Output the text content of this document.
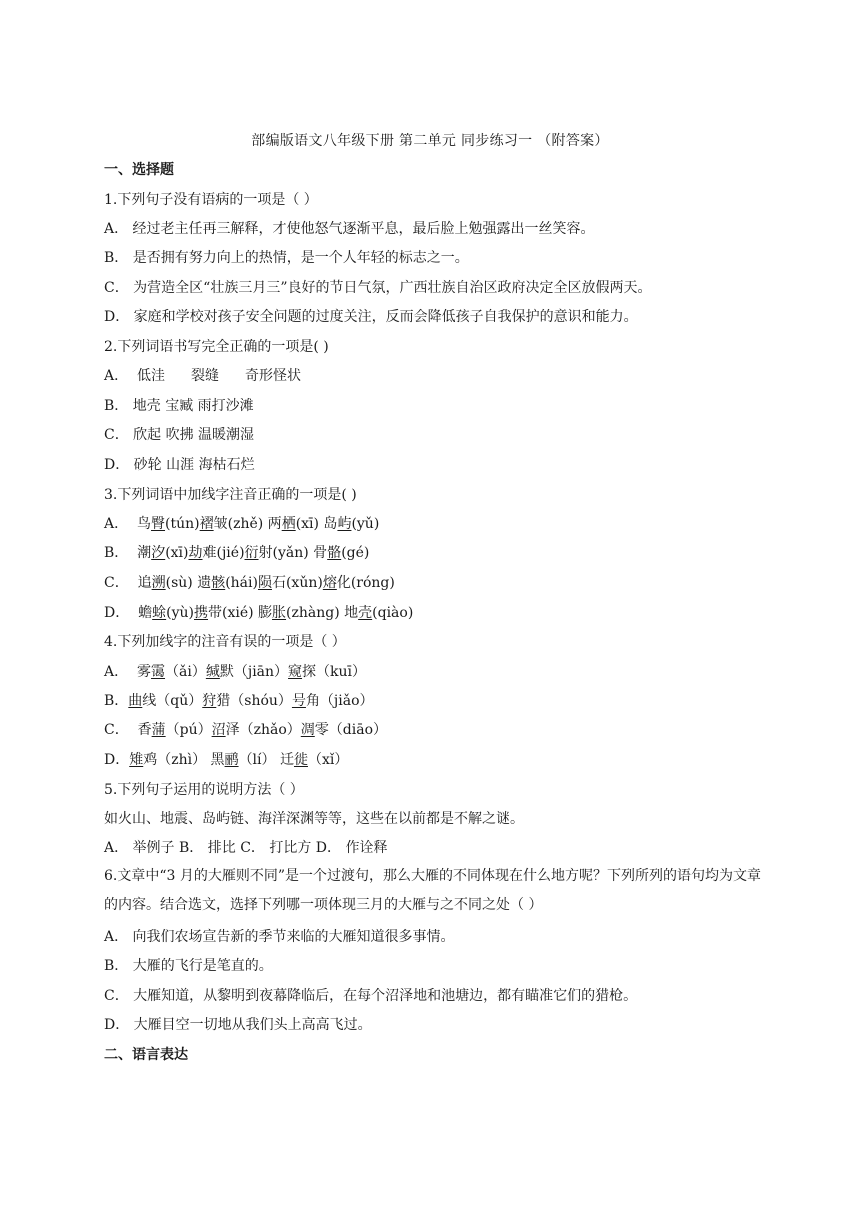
部编版语文八年级下册 第二单元 同步练习一 （附答案）
一、选择题
1.下列句子没有语病的一项是（ ）
A． 经过老主任再三解释，才使他怒气逐渐平息，最后脸上勉强露出一丝笑容。
B． 是否拥有努力向上的热情，是一个人年轻的标志之一。
C． 为营造全区“壮族三月三”良好的节日气氛，广西壮族自治区政府决定全区放假两天。
D． 家庭和学校对孩子安全问题的过度关注，反而会降低孩子自我保护的意识和能力。
2.下列词语书写完全正确的一项是( )
A． 低洼 裂缝 奇形怪状
B． 地壳 宝臧 雨打沙滩
C． 欣起 吹拂 温暖潮湿
D． 砂轮 山涯 海枯石烂
3.下列词语中加线字注音正确的一项是( )
A． 鸟臀(tún)褶皱(zhě) 两栖(xī) 岛屿(yǔ)
B． 潮汐(xī)劫难(jié)衍射(yǎn) 骨骼(gé)
C． 追溯(sù) 遗骸(hái)陨石(xǔn)熔化(róng)
D． 蟾蜍(yù)携带(xié) 膨胀(zhàng) 地壳(qiào)
4.下列加线字的注音有误的一项是（ ）
A． 雾霭（ǎi）缄默（jiān）窥探（kuī）
B．曲线（qǔ）狩猎（shóu）号角（jiǎo）
C． 香蒲（pú）沼泽（zhǎo）凋零（diāo）
D．雉鸡（zhì） 黑鹂（lí） 迁徙（xǐ）
5.下列句子运用的说明方法（ ）
如火山、地震、岛屿链、海洋深渊等等，这些在以前都是不解之谜。
A． 举例子 B． 排比 C． 打比方 D． 作诠释
6.文章中“3 月的大雁则不同”是一个过渡句，那么大雁的不同体现在什么地方呢？下列所列的语句均为文章的内容。结合选文，选择下列哪一项体现三月的大雁与之不同之处（ ）
A． 向我们农场宣告新的季节来临的大雁知道很多事情。
B． 大雁的飞行是笔直的。
C． 大雁知道，从黎明到夜幕降临后，在每个沼泽地和池塘边，都有瞄准它们的猎枪。
D． 大雁目空一切地从我们头上高高飞过。
二、语言表达
